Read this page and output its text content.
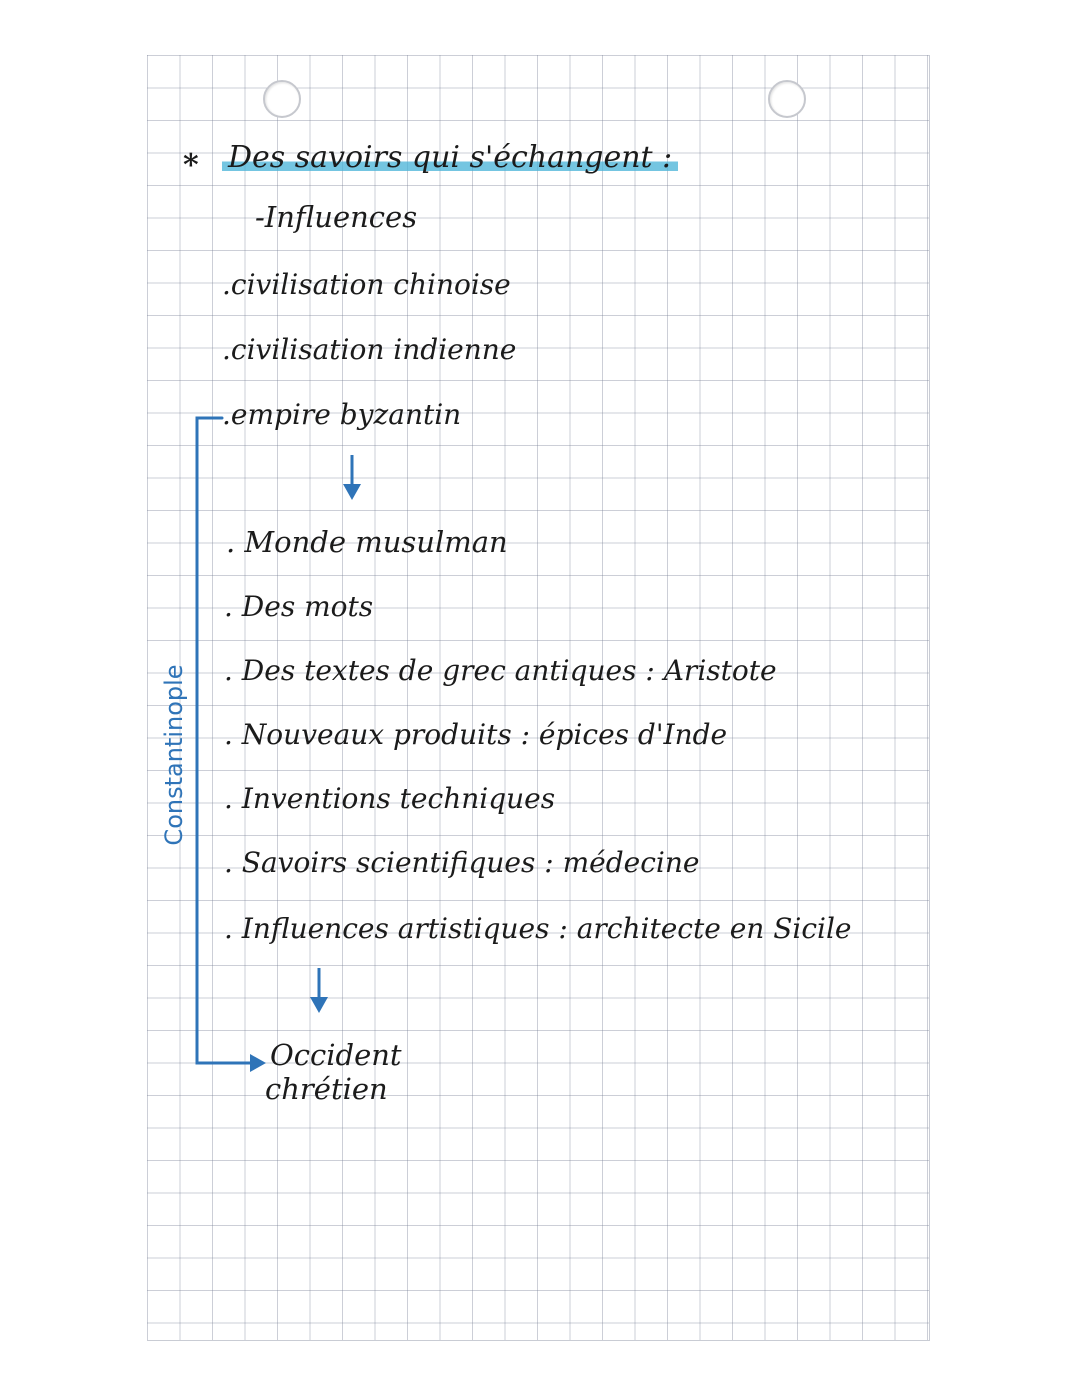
* Des savoirs qui s'échangent :
-Influences
.civilisation chinoise
.civilisation indienne
.empire byzantin
. Monde musulman
. Des mots
. Des textes de grec antiques : Aristote
. Nouveaux produits : épices d'Inde
. Inventions techniques
. Savoirs scientifiques : médecine
. Influences artistiques : architecte en Sicile
Occident
chrétien
Constantinople
